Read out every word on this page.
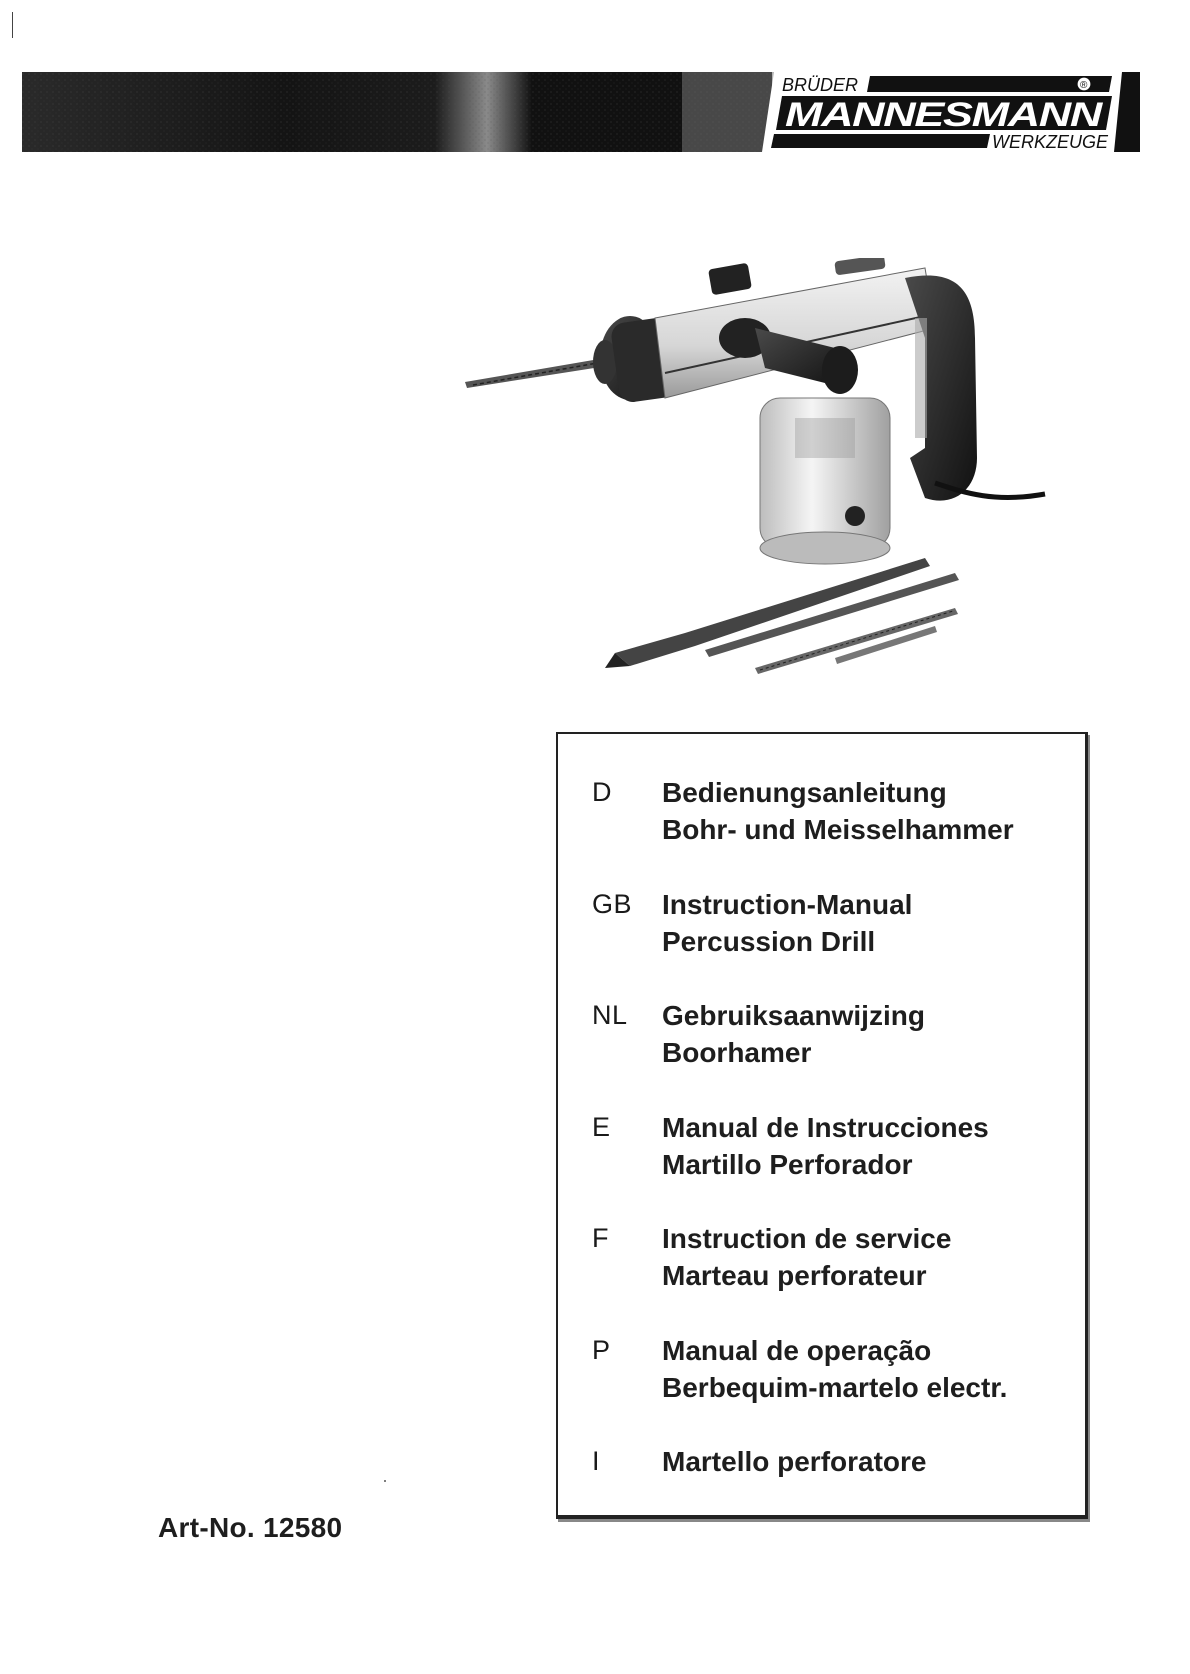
BRÜDER	®
MANNESMANN
WERKZEUGE
D	Bedienungsanleitung
Bohr- und Meisselhammer
GB	Instruction-Manual
Percussion Drill
NL	Gebruiksaanwijzing
Boorhamer
E	Manual de Instrucciones
Martillo Perforador
F	Instruction de service
Marteau perforateur
P	Manual de operação
Berbequim-martelo electr.
I	Martello perforatore
Art-No. 12580
